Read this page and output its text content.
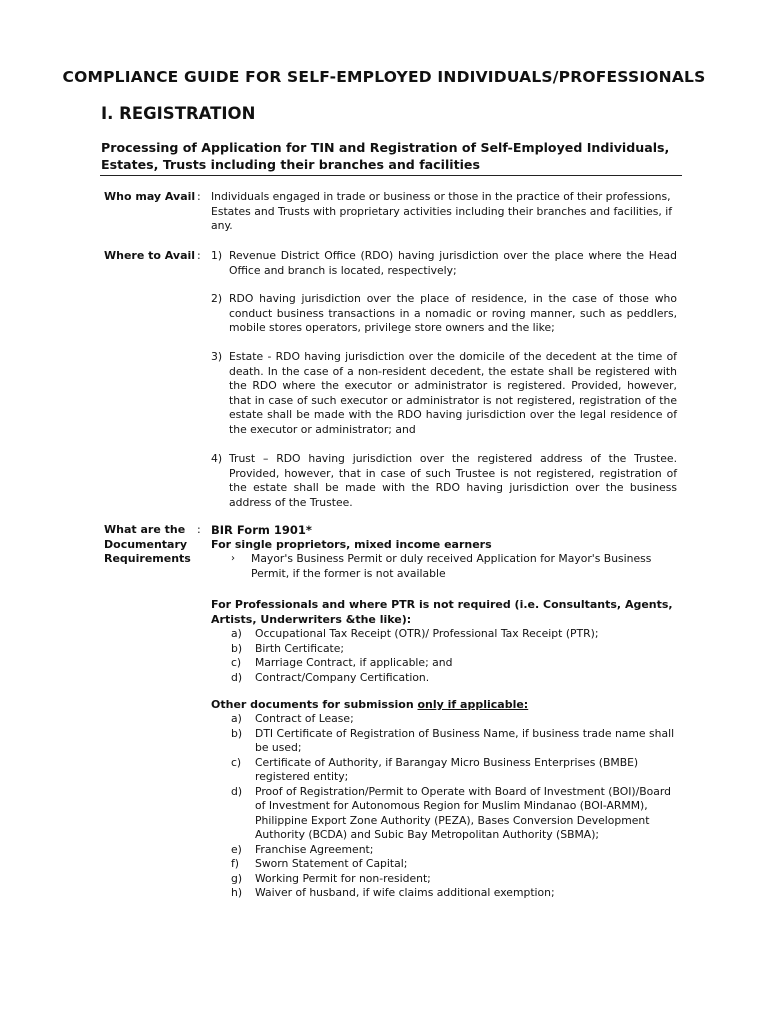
COMPLIANCE GUIDE FOR SELF-EMPLOYED INDIVIDUALS/PROFESSIONALS
I. REGISTRATION
Processing of Application for TIN and Registration of Self-Employed Individuals, Estates, Trusts including their branches and facilities
Who may Avail : Individuals engaged in trade or business or those in the practice of their professions, Estates and Trusts with proprietary activities including their branches and facilities, if any.
Where to Avail : 1) Revenue District Office (RDO) having jurisdiction over the place where the Head Office and branch is located, respectively;
2) RDO having jurisdiction over the place of residence, in the case of those who conduct business transactions in a nomadic or roving manner, such as peddlers, mobile stores operators, privilege store owners and the like;
3) Estate - RDO having jurisdiction over the domicile of the decedent at the time of death. In the case of a non-resident decedent, the estate shall be registered with the RDO where the executor or administrator is registered. Provided, however, that in case of such executor or administrator is not registered, registration of the estate shall be made with the RDO having jurisdiction over the legal residence of the executor or administrator; and
4) Trust – RDO having jurisdiction over the registered address of the Trustee. Provided, however, that in case of such Trustee is not registered, registration of the estate shall be made with the RDO having jurisdiction over the business address of the Trustee.
What are the Documentary Requirements
: BIR Form 1901*
For single proprietors, mixed income earners
›	Mayor's Business Permit or duly received Application for Mayor's Business Permit, if the former is not available
For Professionals and where PTR is not required (i.e. Consultants, Agents, Artists, Underwriters &the like):
a)	Occupational Tax Receipt (OTR)/ Professional Tax Receipt (PTR);
b)	Birth Certificate;
c)	Marriage Contract, if applicable; and
d)	Contract/Company Certification.
Other documents for submission only if applicable:
a)	Contract of Lease;
b)	DTI Certificate of Registration of Business Name, if business trade name shall be used;
c)	Certificate of Authority, if Barangay Micro Business Enterprises (BMBE) registered entity;
d)	Proof of Registration/Permit to Operate with Board of Investment (BOI)/Board of Investment for Autonomous Region for Muslim Mindanao (BOI-ARMM), Philippine Export Zone Authority (PEZA), Bases Conversion Development Authority (BCDA) and Subic Bay Metropolitan Authority (SBMA);
e)	Franchise Agreement;
f)	Sworn Statement of Capital;
g)	Working Permit for non-resident;
h)	Waiver of husband, if wife claims additional exemption;
